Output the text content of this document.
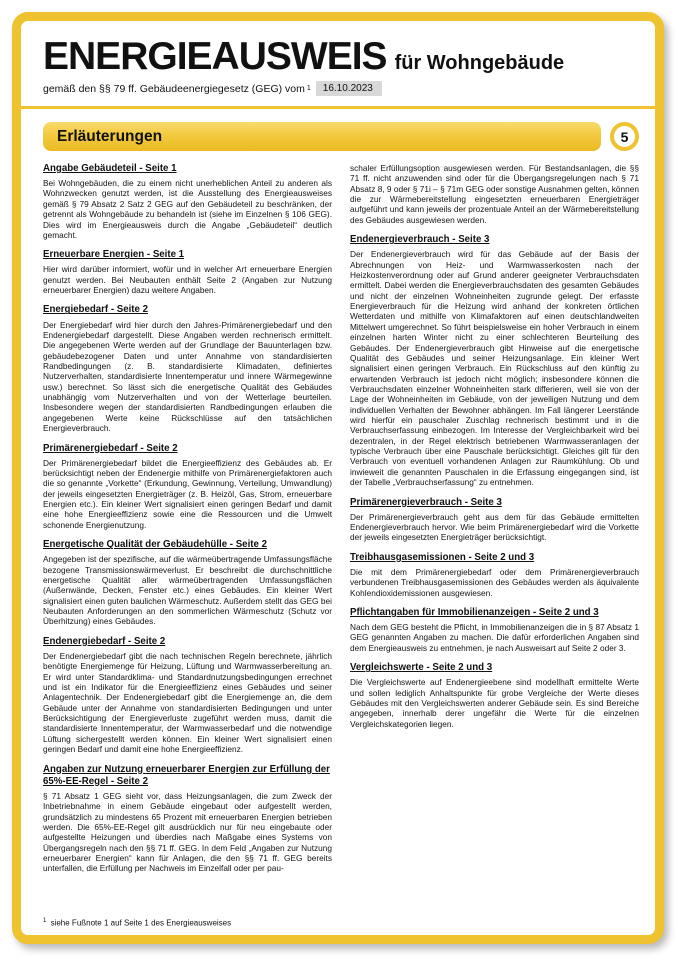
ENERGIEAUSWEIS für Wohngebäude
gemäß den §§ 79 ff. Gebäudeenergiegesetz (GEG) vom 1	16.10.2023
Erläuterungen	5
Angabe Gebäudeteil - Seite 1

Bei Wohngebäuden, die zu einem nicht unerheblichen Anteil zu anderen als Wohnzwecken genutzt werden, ist die Ausstellung des Energieausweises gemäß § 79 Absatz 2 Satz 2 GEG auf den Gebäudeteil zu beschränken, der getrennt als Wohngebäude zu behandeln ist (siehe im Einzelnen § 106 GEG). Dies wird im Energieausweis durch die Angabe „Gebäudeteil“ deutlich gemacht.

Erneuerbare Energien - Seite 1

Hier wird darüber informiert, wofür und in welcher Art erneuerbare Energien genutzt werden. Bei Neubauten enthält Seite 2 (Angaben zur Nutzung erneuerbarer Energien) dazu weitere Angaben.

Energiebedarf - Seite 2

Der Energiebedarf wird hier durch den Jahres-Primärenergiebedarf und den Endenergiebedarf dargestellt. Diese Angaben werden rechnerisch ermittelt. Die angegebenen Werte werden auf der Grundlage der Bauunterlagen bzw. gebäudebezogener Daten und unter Annahme von standardisierten Randbedingungen (z. B. standardisierte Klimadaten, definiertes Nutzerverhalten, standardisierte Innentemperatur und innere Wärmegewinne usw.) berechnet. So lässt sich die energetische Qualität des Gebäudes unabhängig vom Nutzerverhalten und von der Wetterlage beurteilen. Insbesondere wegen der standardisierten Randbedingungen erlauben die angegebenen Werte keine Rückschlüsse auf den tatsächlichen Energieverbrauch.

Primärenergiebedarf - Seite 2

Der Primärenergiebedarf bildet die Energieeffizienz des Gebäudes ab. Er berücksichtigt neben der Endenergie mithilfe von Primärenergiefaktoren auch die so genannte „Vorkette“ (Erkundung, Gewinnung, Verteilung, Umwandlung) der jeweils eingesetzten Energieträger (z. B. Heizöl, Gas, Strom, erneuerbare Energien etc.). Ein kleiner Wert signalisiert einen geringen Bedarf und damit eine hohe Energieeffizienz sowie eine die Ressourcen und die Umwelt schonende Energienutzung.

Energetische Qualität der Gebäudehülle - Seite 2

Angegeben ist der spezifische, auf die wärmeübertragende Umfassungsfläche bezogene Transmissionswärmeverlust. Er beschreibt die durchschnittliche energetische Qualität aller wärmeübertragenden Umfassungsflächen (Außenwände, Decken, Fenster etc.) eines Gebäudes. Ein kleiner Wert signalisiert einen guten baulichen Wärmeschutz. Außerdem stellt das GEG bei Neubauten Anforderungen an den sommerlichen Wärmeschutz (Schutz vor Überhitzung) eines Gebäudes.

Endenergiebedarf - Seite 2

Der Endenergiebedarf gibt die nach technischen Regeln berechnete, jährlich benötigte Energiemenge für Heizung, Lüftung und Warmwasserbereitung an. Er wird unter Standardklima- und Standardnutzungsbedingungen errechnet und ist ein Indikator für die Energieeffizienz eines Gebäudes und seiner Anlagentechnik. Der Endenergiebedarf gibt die Energiemenge an, die dem Gebäude unter der Annahme von standardisierten Bedingungen und unter Berücksichtigung der Energieverluste zugeführt werden muss, damit die standardisierte Innentemperatur, der Warmwasserbedarf und die notwendige Lüftung sichergestellt werden können. Ein kleiner Wert signalisiert einen geringen Bedarf und damit eine hohe Energieeffizienz.

Angaben zur Nutzung erneuerbarer Energien zur Erfüllung der 65%-EE-Regel - Seite 2

§ 71 Absatz 1 GEG sieht vor, dass Heizungsanlagen, die zum Zweck der Inbetriebnahme in einem Gebäude eingebaut oder aufgestellt werden, grundsätzlich zu mindestens 65 Prozent mit erneuerbaren Energien betrieben werden. Die 65%-EE-Regel gilt ausdrücklich nur für neu eingebaute oder aufgestellte Heizungen und überdies nach Maßgabe eines Systems von Übergangsregeln nach den §§ 71 ff. GEG. In dem Feld „Angaben zur Nutzung erneuerbarer Energien“ kann für Anlagen, die den §§ 71 ff. GEG bereits unterfallen, die Erfüllung per Nachweis im Einzelfall oder per pau-

schaler Erfüllungsoption ausgewiesen werden. Für Bestandsanlagen, die §§ 71 ff. nicht anzuwenden sind oder für die Übergangsregelungen nach § 71 Absatz 8, 9 oder § 71i – § 71m GEG oder sonstige Ausnahmen gelten, können die zur Wärmebereitstellung eingesetzten erneuerbaren Energieträger aufgeführt und kann jeweils der prozentuale Anteil an der Wärmebereitstellung des Gebäudes ausgewiesen werden.

Endenergieverbrauch - Seite 3

Der Endenergieverbrauch wird für das Gebäude auf der Basis der Abrechnungen von Heiz- und Warmwasserkosten nach der Heizkostenverordnung oder auf Grund anderer geeigneter Verbrauchsdaten ermittelt. Dabei werden die Energieverbrauchsdaten des gesamten Gebäudes und nicht der einzelnen Wohneinheiten zugrunde gelegt. Der erfasste Energieverbrauch für die Heizung wird anhand der konkreten örtlichen Wetterdaten und mithilfe von Klimafaktoren auf einen deutschlandweiten Mittelwert umgerechnet. So führt beispielsweise ein hoher Verbrauch in einem einzelnen harten Winter nicht zu einer schlechteren Beurteilung des Gebäudes. Der Endenergieverbrauch gibt Hinweise auf die energetische Qualität des Gebäudes und seiner Heizungsanlage. Ein kleiner Wert signalisiert einen geringen Verbrauch. Ein Rückschluss auf den künftig zu erwartenden Verbrauch ist jedoch nicht möglich; insbesondere können die Verbrauchsdaten einzelner Wohneinheiten stark differieren, weil sie von der Lage der Wohneinheiten im Gebäude, von der jeweiligen Nutzung und dem individuellen Verhalten der Bewohner abhängen. Im Fall längerer Leerstände wird hierfür ein pauschaler Zuschlag rechnerisch bestimmt und in die Verbrauchserfassung einbezogen. Im Interesse der Vergleichbarkeit wird bei dezentralen, in der Regel elektrisch betriebenen Warmwasseranlagen der typische Verbrauch über eine Pauschale berücksichtigt. Gleiches gilt für den Verbrauch von eventuell vorhandenen Anlagen zur Raumkühlung. Ob und inwieweit die genannten Pauschalen in die Erfassung eingegangen sind, ist der Tabelle „Verbrauchserfassung“ zu entnehmen.

Primärenergieverbrauch - Seite 3

Der Primärenergieverbrauch geht aus dem für das Gebäude ermittelten Endenergieverbrauch hervor. Wie beim Primärenergiebedarf wird die Vorkette der jeweils eingesetzten Energieträger berücksichtigt.

Treibhausgasemissionen - Seite 2 und 3

Die mit dem Primärenergiebedarf oder dem Primärenergieverbrauch verbundenen Treibhausgasemissionen des Gebäudes werden als äquivalente Kohlendioxidemissionen ausgewiesen.

Pflichtangaben für Immobilienanzeigen - Seite 2 und 3

Nach dem GEG besteht die Pflicht, in Immobilienanzeigen die in § 87 Absatz 1 GEG genannten Angaben zu machen. Die dafür erforderlichen Angaben sind dem Energieausweis zu entnehmen, je nach Ausweisart auf Seite 2 oder 3.

Vergleichswerte - Seite 2 und 3

Die Vergleichswerte auf Endenergieebene sind modellhaft ermittelte Werte und sollen lediglich Anhaltspunkte für grobe Vergleiche der Werte dieses Gebäudes mit den Vergleichswerten anderer Gebäude sein. Es sind Bereiche angegeben, innerhalb derer ungefähr die Werte für die einzelnen Vergleichskategorien liegen.

$^1$ siehe Fußnote 1 auf Seite 1 des Energieausweises
